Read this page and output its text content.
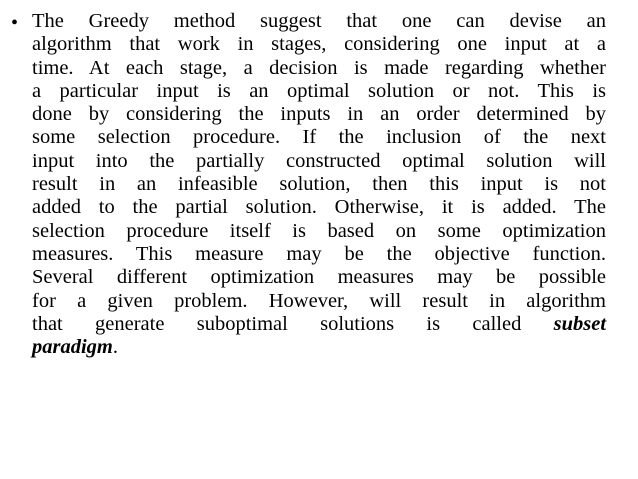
• The Greedy method suggest that one can devise an
algorithm that work in stages, considering one input at a
time. At each stage, a decision is made regarding whether
a particular input is an optimal solution or not. This is
done by considering the inputs in an order determined by
some selection procedure. If the inclusion of the next
input into the partially constructed optimal solution will
result in an infeasible solution, then this input is not
added to the partial solution. Otherwise, it is added. The
selection procedure itself is based on some optimization
measures. This measure may be the objective function.
Several different optimization measures may be possible
for a given problem. However, will result in algorithm
that generate suboptimal solutions is called subset
paradigm.
